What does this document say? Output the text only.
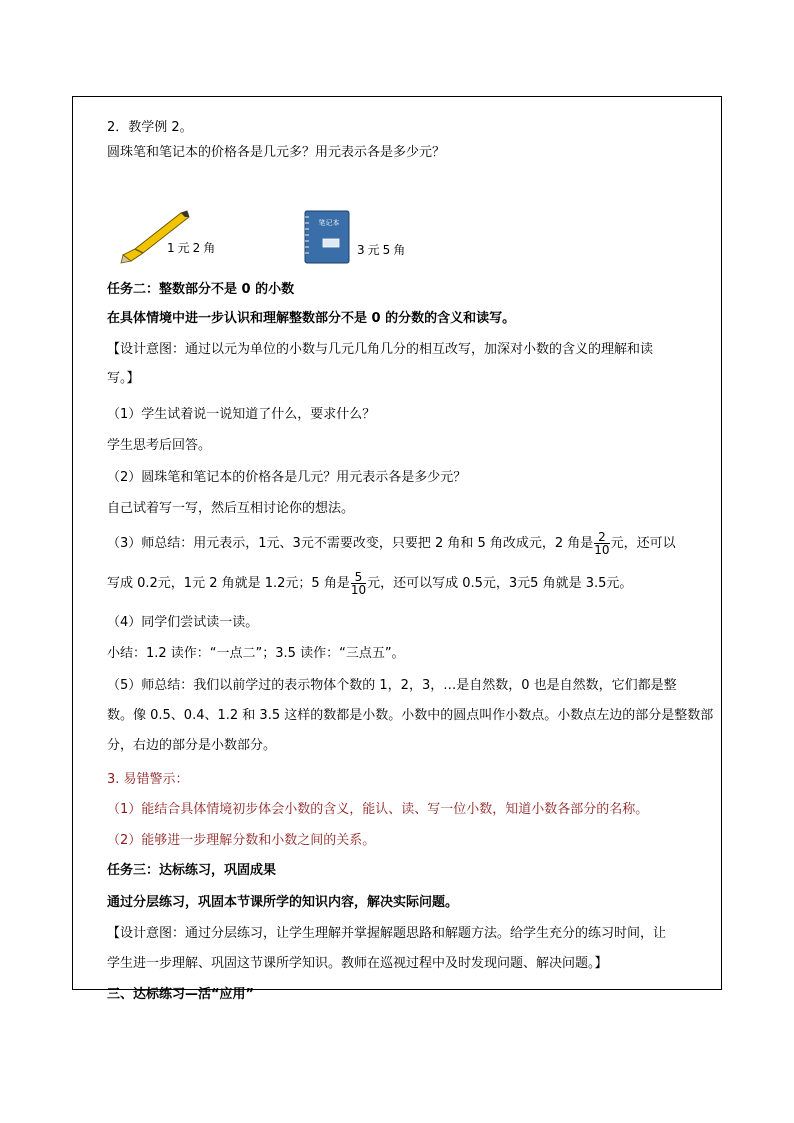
2．教学例 2。
圆珠笔和笔记本的价格各是几元多？用元表示各是多少元？
1元2角
笔记本
3元5角
任务二：整数部分不是 0 的小数
在具体情境中进一步认识和理解整数部分不是 0 的分数的含义和读写。
【设计意图：通过以元为单位的小数与几元几角几分的相互改写，加深对小数的含义的理解和读
写。】
（1）学生试着说一说知道了什么，要求什么？
学生思考后回答。
（2）圆珠笔和笔记本的价格各是几元？用元表示各是多少元？
自己试着写一写，然后互相讨论你的想法。
（3）师总结：用元表示，1元、3元不需要改变，只要把 2 角和 5 角改成元，2 角是 $\frac{2}{10}$ 元，还可以
写成 0.2元，1元 2 角就是 1.2元；5 角是 $\frac{5}{10}$ 元，还可以写成 0.5元，3元5 角就是 3.5元。
（4）同学们尝试读一读。
小结：1.2 读作：“一点二”；3.5 读作：“三点五”。
（5）师总结：我们以前学过的表示物体个数的 1，2，3，…是自然数，0 也是自然数，它们都是整
数。像 0.5、0.4、1.2 和 3.5 这样的数都是小数。小数中的圆点叫作小数点。小数点左边的部分是整数部
分，右边的部分是小数部分。
3. 易错警示：
（1）能结合具体情境初步体会小数的含义，能认、读、写一位小数，知道小数各部分的名称。
（2）能够进一步理解分数和小数之间的关系。
任务三：达标练习，巩固成果
通过分层练习，巩固本节课所学的知识内容，解决实际问题。
【设计意图：通过分层练习，让学生理解并掌握解题思路和解题方法。给学生充分的练习时间，让
学生进一步理解、巩固这节课所学知识。教师在巡视过程中及时发现问题、解决问题。】
三、达标练习—活“应用”
